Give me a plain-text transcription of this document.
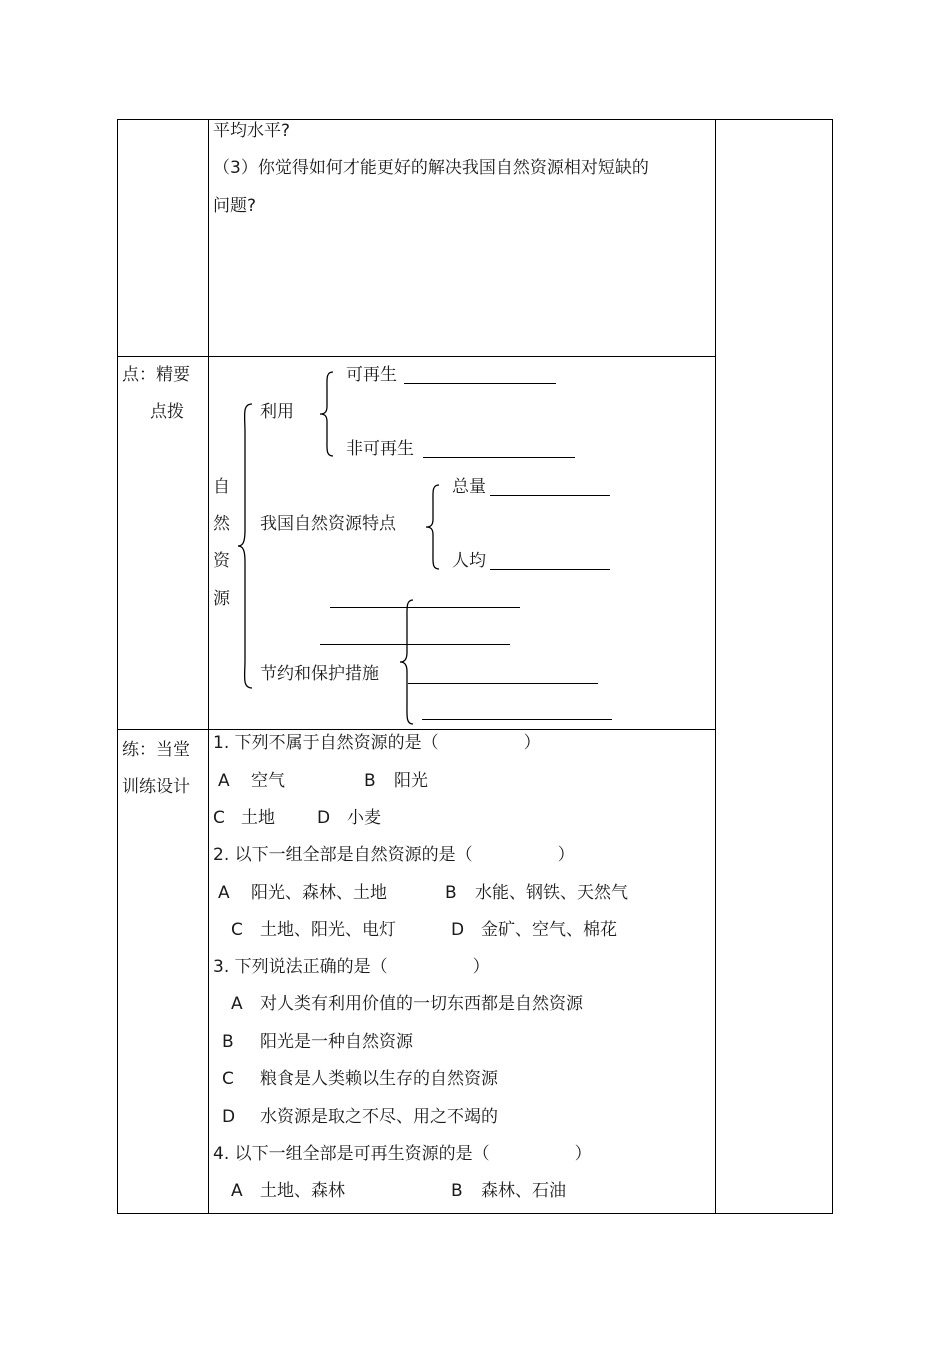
平均水平?
（3）你觉得如何才能更好的解决我国自然资源相对短缺的
问题?
点：精要
点拨
自
然
资
源
利用
可再生
非可再生
我国自然资源特点
总量
人均
节约和保护措施
练：当堂
训练设计
1. 下列不属于自然资源的是（　　　　　）
A 空气	B 阳光
C 土地 D 小麦
2. 以下一组全部是自然资源的是（　　　　　）
A 阳光、森林、土地	B 水能、钢铁、天然气
C 土地、阳光、电灯	D 金矿、空气、棉花
3. 下列说法正确的是（　　　　　）
A 对人类有利用价值的一切东西都是自然资源
B 阳光是一种自然资源
C 粮食是人类赖以生存的自然资源
D 水资源是取之不尽、用之不竭的
4. 以下一组全部是可再生资源的是（　　　　　）
A 土地、森林	B 森林、石油
